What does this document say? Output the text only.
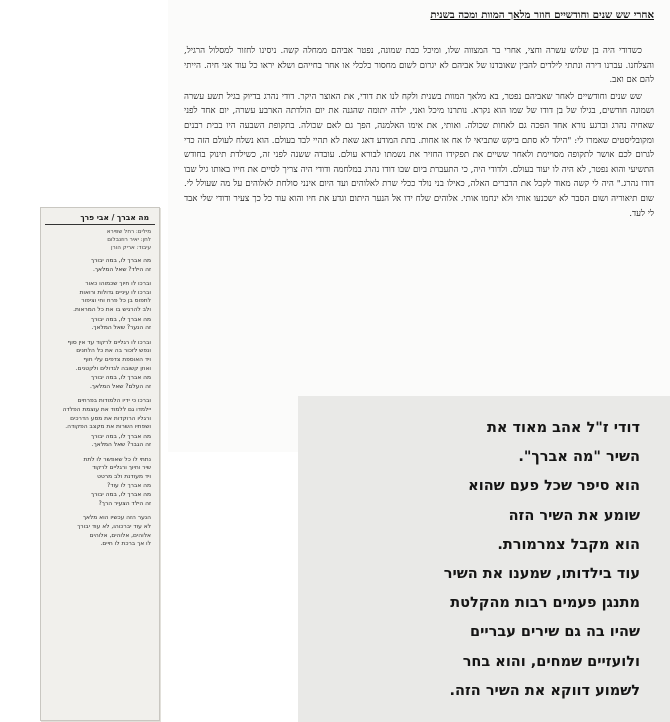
אחרי שש שנים וחודשיים חוזר מלאך המוות ומכה בשנית

כשדודי היה בן שלוש עשרה וחצי, אחרי בר המצווה שלו, ומיכל כבת שמונה, נפטר אביהם ממחלה קשה. ניסינו לחזור למסלול הרגיל, והצלחנו. עברנו דירה ונתתי לילדים להבין שאובדנו של אביהם לא יגרום לשום מחסור כלכלי או אחר בחייהם ושלא יראו כל עוד אני חיה. הייתי להם אם ואב.

שש שנים וחודשיים לאחר שאביהם נפטר, בא מלאך המוות בשנית ולקח לנו את דודי, את האוצר היקר. דודי נהרג בדיוק בגיל תשע עשרה ושמונה חודשים, בגילו של בן דודו של שמו הוא נקרא. נותרנו מיכל ואני, ילדה יתומה שהגנה את יום הולדתה הארבע עשרה, יום אחד לפני שאחיה נהרג וברגע נורא אחד הפכה גם לאחות שכולה. ואותי, את אימו האלמנה, הפך גם לאם שכולה. בתקופת השבעה היו בבית רבנים ומקובליסטים שאמרו לי: "הילד לא סתם ביקש שתביאי לו אח או אחות. בתת המודע דאג שאת לא תהיי לבד בעולם. הוא נשלח לעולם הזה כדי לגרום לכם אושר לתקופה מסויימת ולאחר ששיים את תפקידו החזיר את נשמתו לבורא עולם. עובדה ששנה לפני זה, כשילדת תינוק בחודש התשיעי והוא נפטר, לא היה לו יעוד בעולם. ולדודי היה, כי התעברת ביום שבו דודו נהרג במלחמה ודודי היה צריך לסיים את חייו באותו גיל שבו דודו נהרג." היה לי קשה מאוד לקבל את הדברים האלה, כאילו בני נולד ככלי שרת לאלוהים ועד היום אינני סולחת לאלוהים על מה שעולל לי. שום תיאוריה ושום הסבר לא ישכנעו אותי ולא ינחמו אותי. אלוהים שלח ידו אל הנער היתום וגדע את חיו והוא עוד כל כך צעיר ודודי שלי אבד לי לעד.

מה אברך / אבי פרך
מילים: רחל שפירא
לחן: יאיר רוזנבלום
עיבוד: אריק הורן
מה אברך לו, במה יבורך
זה הילד? שאל המלאך.
וברכו לו חיוך שכמוהו כאור
וברכו לו עיניים גדולות ורואות
לתפוס בן כל פרח וחי וציפור
ולב להרגיש בו את כל המראות.
מה אברך לו, במה יבורך
זה הנער? שאל המלאך.
וברכו לו רגליים לרקוד עד אין סוף
ונפש לזכור בה את כל הלחנים
ויד האוספת צדפים עלי חוף
ואוזן קשובה לגדולים ולקטנים.
מה אברך לו, במה יבורך
זה העלם? שאל המלאך.
וברכו כי ידיו הלמודות בפרחים
יילמדו גם ללמוד את עוצמת הפלדה
ורגליו הרוקדות את מסע הדרכים
ושפתיו השרות את מקצב הפקודה.
מה אברך לו, במה יבורך
זה הגבר? שאל המלאך.
נתתי לו כל שאפשר לו לתת
שיר וחיוך ורגליים לרקוד
ויד מעודנת ולב מרטט
מה אברך לו עוד?
מה אברך לו, במה יבורך
זה הילד הצעיר הרך?
הנער הזה עכשיו הוא מלאך
לא עוד יברכוהו, לא עוד יבורך
אלוהים, אלוהים, אלוהים
לו אך ברכת לו חיים.
דודי ז"ל אהב מאוד את
השיר "מה אברך".
הוא סיפר שכל פעם שהוא
שומע את השיר הזה
הוא מקבל צמרמורת.
עוד בילדותו, שמענו את השיר
מתנגן פעמים רבות מהקלטת
שהיו בה גם שירים עבריים
ולועזיים שמחים, והוא בחר
לשמוע דווקא את השיר הזה.
